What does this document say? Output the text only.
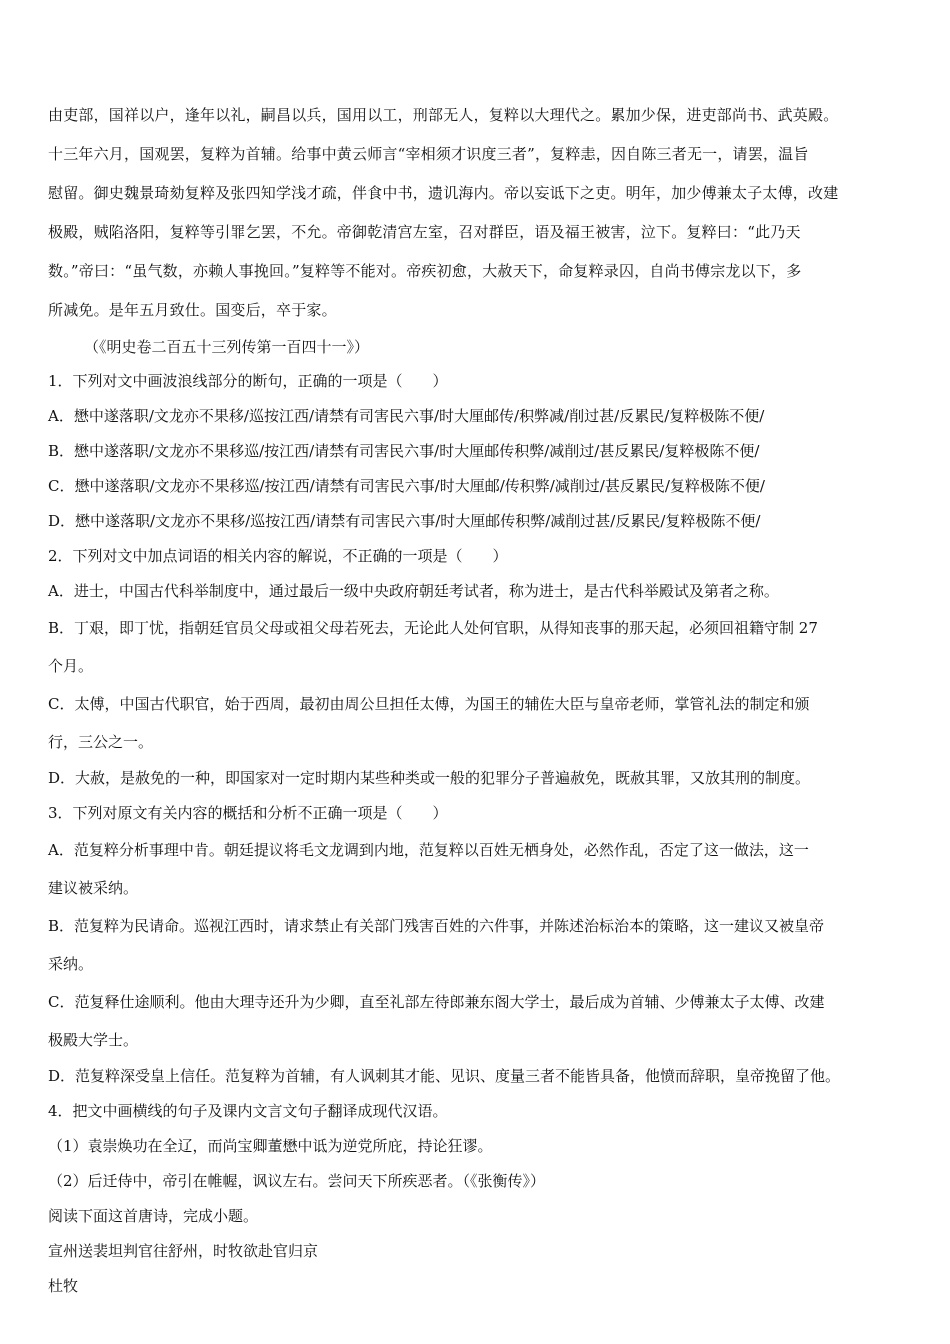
由吏部，国祥以户，逢年以礼，嗣昌以兵，国用以工，刑部无人，复粹以大理代之。累加少保，进吏部尚书、武英殿。
十三年六月，国观罢，复粹为首辅。给事中黄云师言“宰相须才识度三者”，复粹恚，因自陈三者无一，请罢，温旨
慰留。御史魏景琦劾复粹及张四知学浅才疏，伴食中书，遗讥海内。帝以妄诋下之吏。明年，加少傅兼太子太傅，改建
极殿，贼陷洛阳，复粹等引罪乞罢，不允。帝御乾清宫左室，召对群臣，语及福王被害，泣下。复粹曰：“此乃天
数。”帝曰：“虽气数，亦赖人事挽回。”复粹等不能对。帝疾初愈，大赦天下，命复粹录囚，自尚书傅宗龙以下，多
所减免。是年五月致仕。国变后，卒于家。
（《明史卷二百五十三列传第一百四十一》）
1．下列对文中画波浪线部分的断句，正确的一项是（　　）
A．懋中遂落职/文龙亦不果移/巡按江西/请禁有司害民六事/时大厘邮传/积弊减/削过甚/反累民/复粹极陈不便/
B．懋中遂落职/文龙亦不果移巡/按江西/请禁有司害民六事/时大厘邮传积弊/减削过/甚反累民/复粹极陈不便/
C．懋中遂落职/文龙亦不果移巡/按江西/请禁有司害民六事/时大厘邮/传积弊/减削过/甚反累民/复粹极陈不便/
D．懋中遂落职/文龙亦不果移/巡按江西/请禁有司害民六事/时大厘邮传积弊/减削过甚/反累民/复粹极陈不便/
2．下列对文中加点词语的相关内容的解说，不正确的一项是（　　）
A．进士，中国古代科举制度中，通过最后一级中央政府朝廷考试者，称为进士，是古代科举殿试及第者之称。
B．丁艰，即丁忧，指朝廷官员父母或祖父母若死去，无论此人处何官职，从得知丧事的那天起，必须回祖籍守制 27
个月。
C．太傅，中国古代职官，始于西周，最初由周公旦担任太傅，为国王的辅佐大臣与皇帝老师，掌管礼法的制定和颁
行，三公之一。
D．大赦，是赦免的一种，即国家对一定时期内某些种类或一般的犯罪分子普遍赦免，既赦其罪，又放其刑的制度。
3．下列对原文有关内容的概括和分析不正确一项是（　　）
A．范复粹分析事理中肯。朝廷提议将毛文龙调到内地，范复粹以百姓无栖身处，必然作乱，否定了这一做法，这一
建议被采纳。
B．范复粹为民请命。巡视江西时，请求禁止有关部门残害百姓的六件事，并陈述治标治本的策略，这一建议又被皇帝
采纳。
C．范复释仕途顺利。他由大理寺还升为少卿，直至礼部左待郎兼东阁大学士，最后成为首辅、少傅兼太子太傅、改建
极殿大学士。
D．范复粹深受皇上信任。范复粹为首辅，有人讽刺其才能、见识、度量三者不能皆具备，他愤而辞职，皇帝挽留了他。
4．把文中画横线的句子及课内文言文句子翻译成现代汉语。
（1）袁崇焕功在全辽，而尚宝卿董懋中诋为逆党所庇，持论狂谬。
（2）后迁侍中，帝引在帷幄，讽议左右。尝问天下所疾恶者。（《张衡传》）
阅读下面这首唐诗，完成小题。
宣州送裴坦判官往舒州，时牧欲赴官归京
杜牧
